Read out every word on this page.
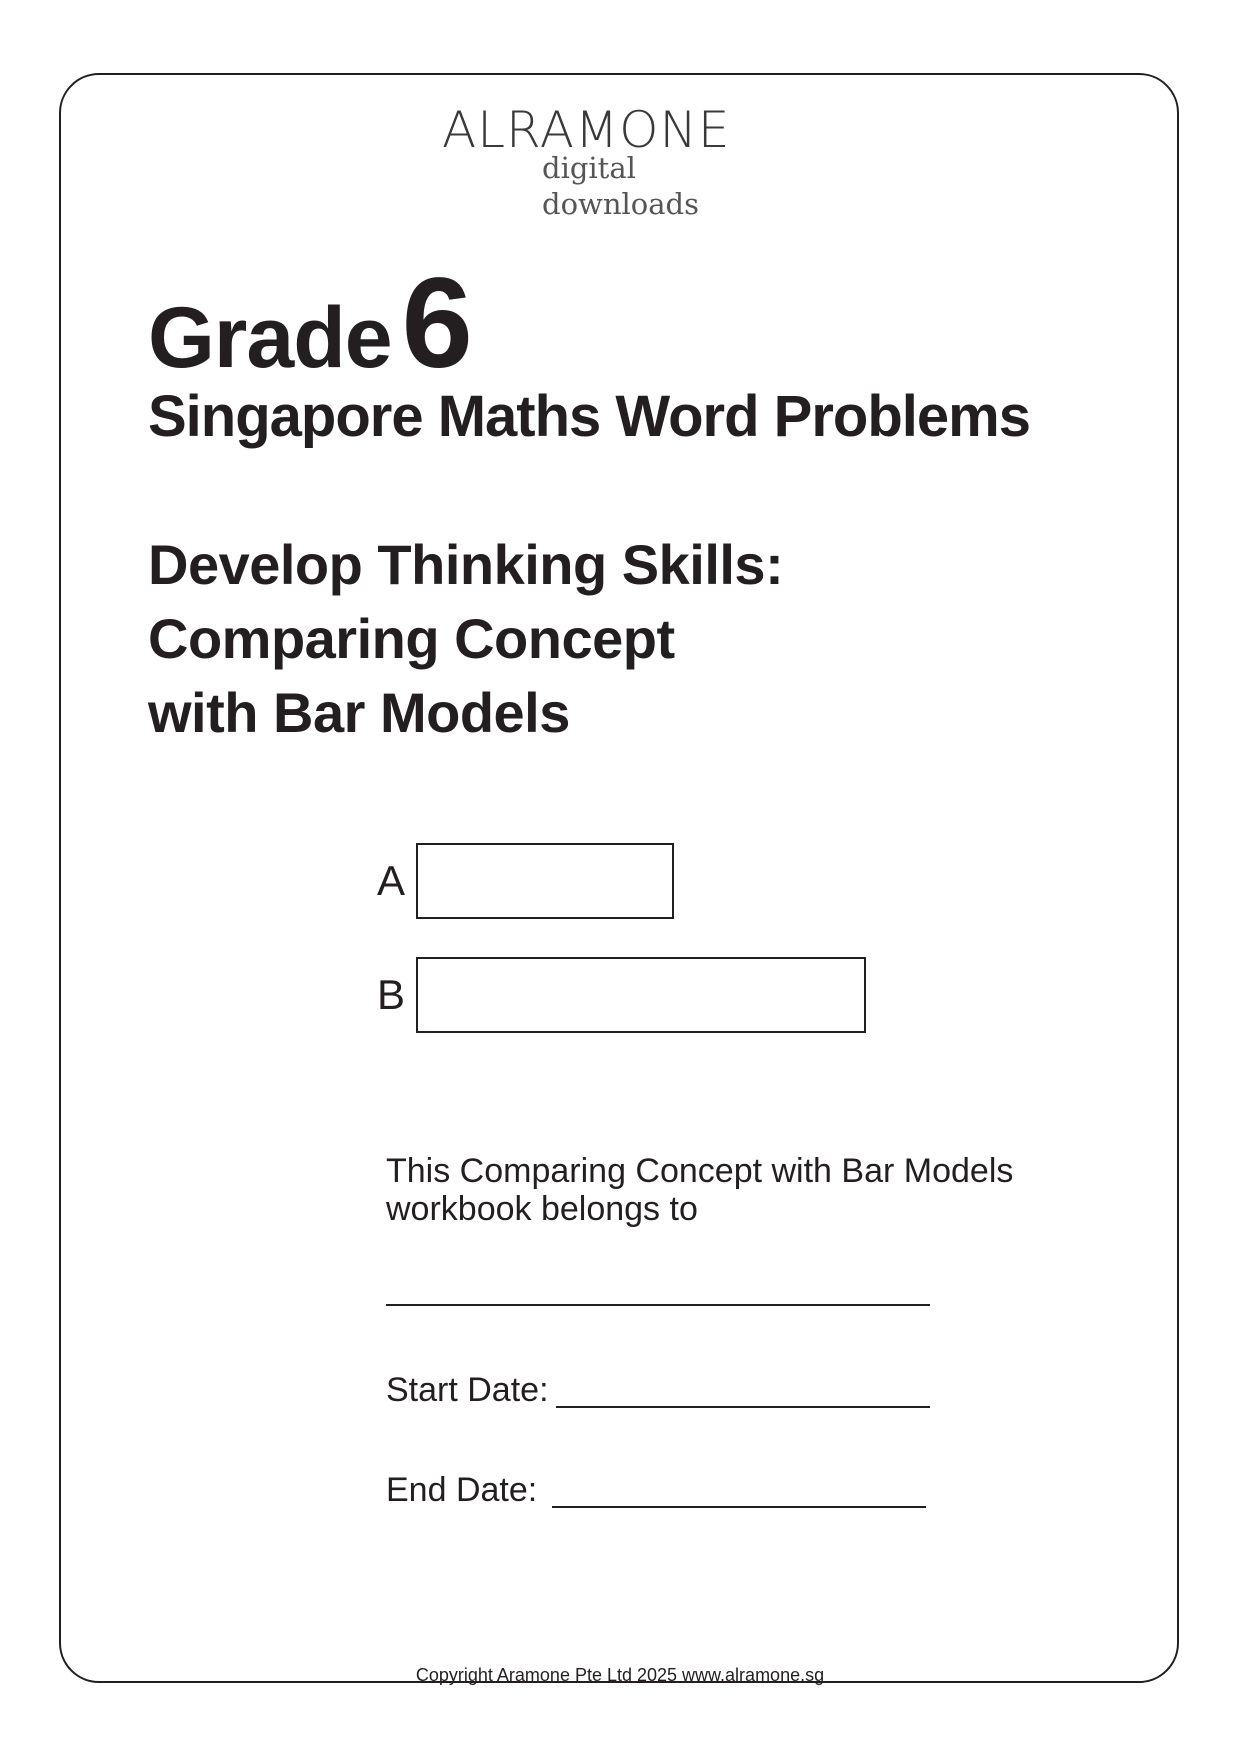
ALRAMONE
digital downloads
Grade6
Singapore Maths Word Problems
Develop Thinking Skills:
Comparing Concept
with Bar Models
A
B
This Comparing Concept with Bar Models
workbook belongs to
Start Date:
End Date:
Copyright Aramone Pte Ltd 2025 www.alramone.sg
